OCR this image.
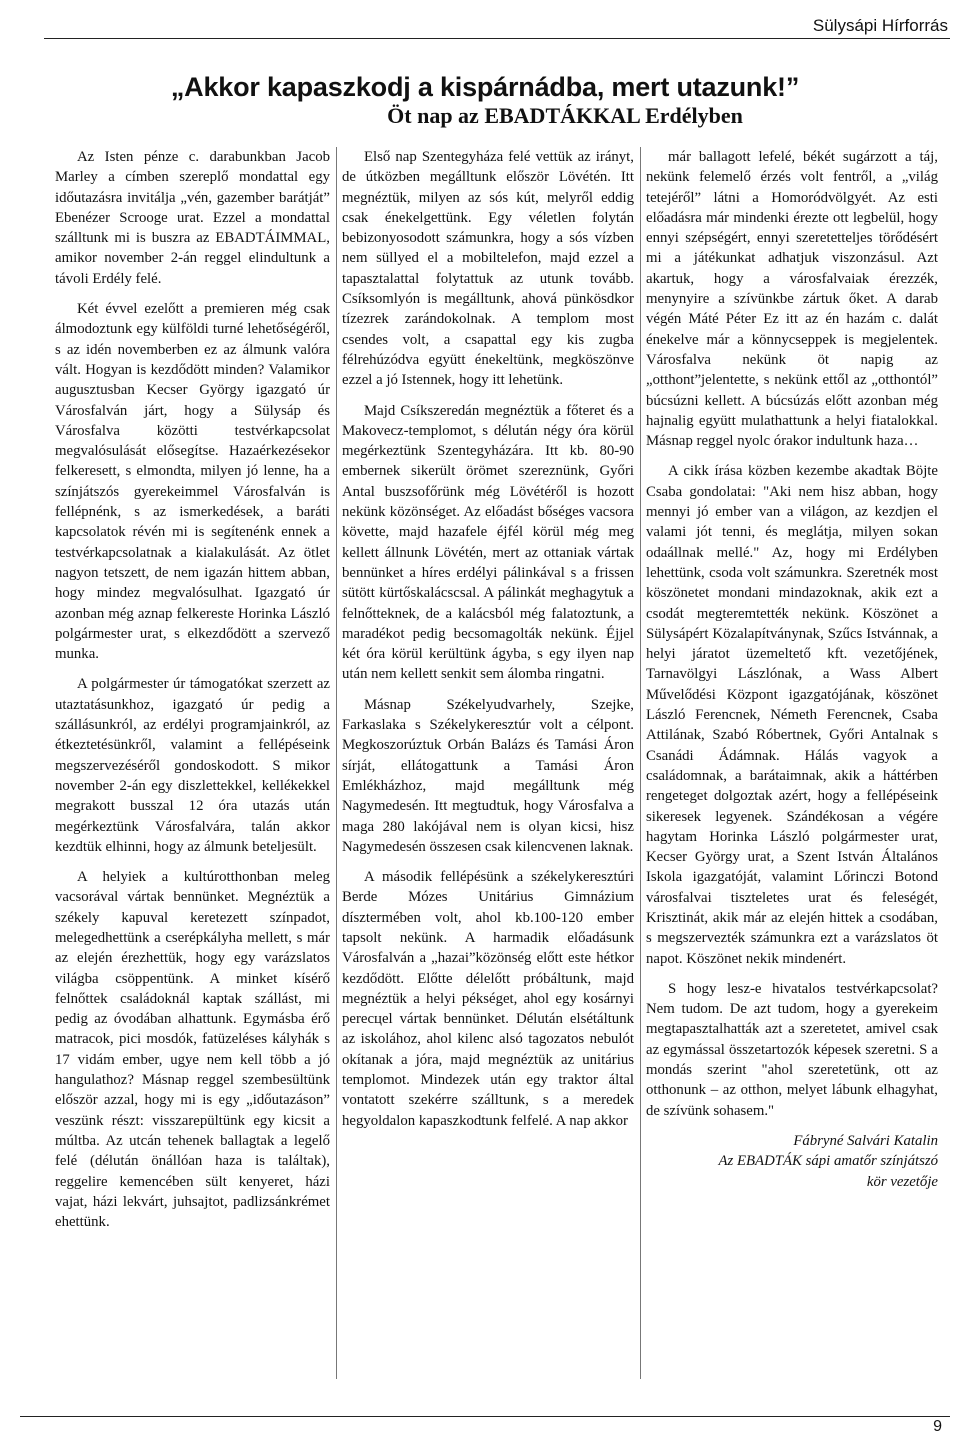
Sülysápi Hírforrás
„Akkor kapaszkodj a kispárnádba, mert utazunk!”
Öt nap az EBADTÁKKAL Erdélyben

Az Isten pénze c. darabunkban Jacob Marley a címben szereplő mondattal egy időutazásra invitálja „vén, gazember barátját” Ebenézer Scrooge urat. Ezzel a mondattal szálltunk mi is buszra az EBADTÁIMMAL, amikor november 2-án reggel elindultunk a távoli Erdély felé.

Két évvel ezelőtt a premieren még csak álmodoztunk egy külföldi turné lehetőségéről, s az idén novemberben ez az álmunk valóra vált. Hogyan is kezdődött minden? Valamikor augusztusban Kecser György igazgató úr Városfalván járt, hogy a Sülysáp és Városfalva közötti testvérkapcsolat megvalósulását elősegítse. Hazaérkezésekor felkeresett, s elmondta, milyen jó lenne, ha a színjátszós gyerekeimmel Városfalván is fellépnénk, s az ismerkedések, a baráti kapcsolatok révén mi is segítenénk ennek a testvérkapcsolatnak a kialakulását. Az ötlet nagyon tetszett, de nem igazán hittem abban, hogy mindez megvalósulhat. Igazgató úr azonban még aznap felkereste Horinka László polgármester urat, s elkezdődött a szervező munka.

A polgármester úr támogatókat szerzett az utaztatásunkhoz, igazgató úr pedig a szállásunkról, az erdélyi programjainkról, az étkeztetésünkről, valamint a fellépéseink megszervezéséről gondoskodott. S mikor november 2-án egy diszlettekkel, kellékekkel megrakott busszal 12 óra utazás után megérkeztünk Városfalvára, talán akkor kezdtük elhinni, hogy az álmunk beteljesült.

A helyiek a kultúrotthonban meleg vacsorával vártak bennünket. Megnéztük a székely kapuval keretezett színpadot, melegedhettünk a cserépkályha mellett, s már az elején érezhettük, hogy egy varázslatos világba csöppentünk. A minket kísérő felnőttek családoknál kaptak szállást, mi pedig az óvodában alhattunk. Egymásba érő matracok, pici mosdók, fatüzeléses kályhák s 17 vidám ember, ugye nem kell több a jó hangulathoz? Másnap reggel szembesültünk először azzal, hogy mi is egy „időutazáson” veszünk részt: visszarepültünk egy kicsit a múltba. Az utcán tehenek ballagtak a legelő felé (délután önállóan haza is találtak), reggelire kemencében sült kenyeret, házi vajat, házi lekvárt, juhsajtot, padlizsánkrémet ehettünk.

Első nap Szentegyháza felé vettük az irányt, de útközben megálltunk először Lövétén. Itt megnéztük, milyen az sós kút, melyről eddig csak énekelgettünk. Egy véletlen folytán bebizonyosodott számunkra, hogy a sós vízben nem süllyed el a mobiltelefon, majd ezzel a tapasztalattal folytattuk az utunk tovább. Csíksomlyón is megálltunk, ahová pünkösdkor tízezrek zarándokolnak. A templom most csendes volt, a csapattal egy kis zugba félrehúzódva együtt énekeltünk, megköszönve ezzel a jó Istennek, hogy itt lehetünk.

Majd Csíkszeredán megnéztük a főteret és a Makovecz-templomot, s délután négy óra körül megérkeztünk Szentegyházára. Itt kb. 80-90 embernek sikerült örömet szereznünk, Győri Antal buszsofőrünk még Lövétéről is hozott nekünk közönséget. Az előadást bőséges vacsora követte, majd hazafele éjfél körül még meg kellett állnunk Lövétén, mert az ottaniak vártak bennünket a híres erdélyi pálinkával s a frissen sütött kürtőskalácscsal. A pálinkát meghagytuk a felnőtteknek, de a kalácsból még falatoztunk, a maradékot pedig becsomagolták nekünk. Éjjel két óra körül kerültünk ágyba, s egy ilyen nap után nem kellett senkit sem álomba ringatni.

Másnap Székelyudvarhely, Szejke, Farkaslaka s Székelykeresztúr volt a célpont. Megkoszorúztuk Orbán Balázs és Tamási Áron sírját, ellátogattunk a Tamási Áron Emlékházhoz, majd megálltunk még Nagymedesén. Itt megtudtuk, hogy Városfalva a maga 280 lakójával nem is olyan kicsi, hisz Nagymedesén összesen csak kilencvenen laknak.

A második fellépésünk a székelykeresztúri Berde Mózes Unitárius Gimnázium dísztermében volt, ahol kb.100-120 ember tapsolt nekünk. A harmadik előadásunk Városfalván a „hazai”közönség előtt este hétkor kezdődött. Előtte délelőtt próbáltunk, majd megnéztük a helyi pékséget, ahol egy kosárnyi perecцel vártak bennünket. Délután elsétáltunk az iskolához, ahol kilenc alsó tagozatos nebulót okítanak a jóra, majd megnéztük az unitárius templomot. Mindezek után egy traktor által vontatott szekérre szálltunk, s a meredek hegyoldalon kapaszkodtunk felfelé. A nap akkor

már ballagott lefelé, békét sugárzott a táj, nekünk felemelő érzés volt fentről, a „világ tetejéről” látni a Homoródvölgyét. Az esti előadásra már mindenki érezte ott legbelül, hogy ennyi szépségért, ennyi szeretetteljes törődésért mi a játékunkat adhatjuk viszonzásul. Azt akartuk, hogy a városfalvaiak érezzék, menynyire a szívünkbe zártuk őket. A darab végén Máté Péter Ez itt az én hazám c. dalát énekelve már a könnycseppek is megjelentek. Városfalva nekünk öt napig az „otthont”jelentette, s nekünk ettől az „otthontól” búcsúzni kellett. A búcsúzás előtt azonban még hajnalig együtt mulathattunk a helyi fiatalokkal. Másnap reggel nyolc órakor indultunk haza…

A cikk írása közben kezembe akadtak Böjte Csaba gondolatai: "Aki nem hisz abban, hogy mennyi jó ember van a világon, az kezdjen el valami jót tenni, és meglátja, milyen sokan odaállnak mellé." Az, hogy mi Erdélyben lehettünk, csoda volt számunkra. Szeretnék most köszönetet mondani mindazoknak, akik ezt a csodát megteremtették nekünk. Köszönet a Sülysápért Közalapítványnak, Szűcs Istvánnak, a helyi járatot üzemeltető kft. vezetőjének, Tarnavölgyi Lászlónak, a Wass Albert Művelődési Központ igazgatójának, köszönet László Ferencnek, Németh Ferencnek, Csaba Attilának, Szabó Róbertnek, Győri Antalnak s Csanádi Ádámnak. Hálás vagyok a családomnak, a barátaimnak, akik a háttérben rengeteget dolgoztak azért, hogy a fellépéseink sikeresek legyenek. Szándékosan a végére hagytam Horinka László polgármester urat, Kecser György urat, a Szent István Általános Iskola igazgatóját, valamint Lőrinczi Botond városfalvai tiszteletes urat és feleségét, Krisztinát, akik már az elején hittek a csodában, s megszervezték számunkra ezt a varázslatos öt napot. Köszönet nekik mindenért.

S hogy lesz-e hivatalos testvérkapcsolat? Nem tudom. De azt tudom, hogy a gyerekeim megtapasztalhatták azt a szeretetet, amivel csak az egymással összetartozók képesek szeretni. S a mondás szerint "ahol szeretetünk, ott az otthonunk – az otthon, melyet lábunk elhagyhat, de szívünk sohasem."

Fábryné Salvári Katalin

Az EBADTÁK sápi amatőr színjátszó

kör vezetője

9
